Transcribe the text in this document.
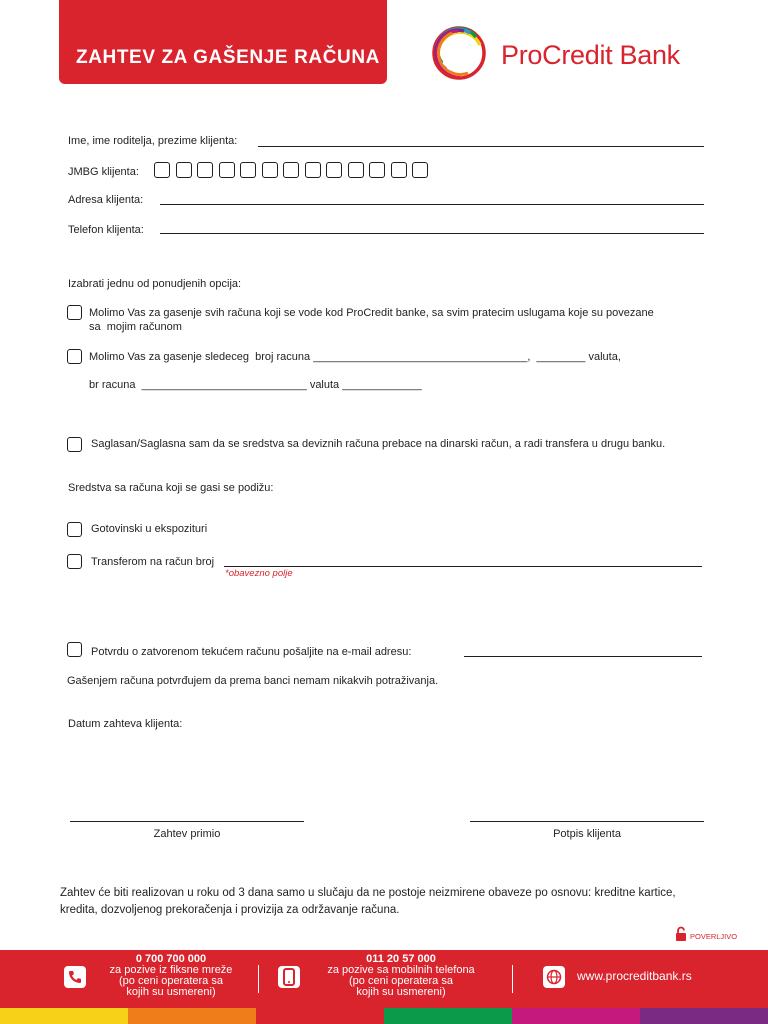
ZAHTEV ZA GAŠENJE RAČUNA	ProCredit Bank
Ime, ime roditelja, prezime klijenta:
JMBG klijenta:
Adresa klijenta:
Telefon klijenta:
Izabrati jednu od ponudjenih opcija:
Molimo Vas za gasenje svih računa koji se vode kod ProCredit banke, sa svim pratecim uslugama koje su povezane
sa  mojim računom
Molimo Vas za gasenje sledeceg  broj racuna ___________________________________,  ________ valuta,
br racuna  ___________________________ valuta _____________
Saglasan/Saglasna sam da se sredstva sa deviznih računa prebace na dinarski račun, a radi transfera u drugu banku.
Sredstva sa računa koji se gasi se podižu:
Gotovinski u ekspozituri
Transferom na račun broj
*obavezno polje
Potvrdu o zatvorenom tekućem računu pošaljite na e-mail adresu:
Gašenjem računa potvrđujem da prema banci nemam nikakvih potraživanja.
Datum zahteva klijenta:
Zahtev primio	Potpis klijenta
Zahtev će biti realizovan u roku od 3 dana samo u slučaju da ne postoje neizmirene obaveze po osnovu: kreditne kartice,
kredita, dozvoljenog prekoračenja i provizija za održavanje računa.
POVERLJIVO
0 700 700 000
za pozive iz fiksne mreže
(po ceni operatera sa
kojih su usmereni)
011 20 57 000
za pozive sa mobilnih telefona
(po ceni operatera sa
kojih su usmereni)
www.procreditbank.rs
